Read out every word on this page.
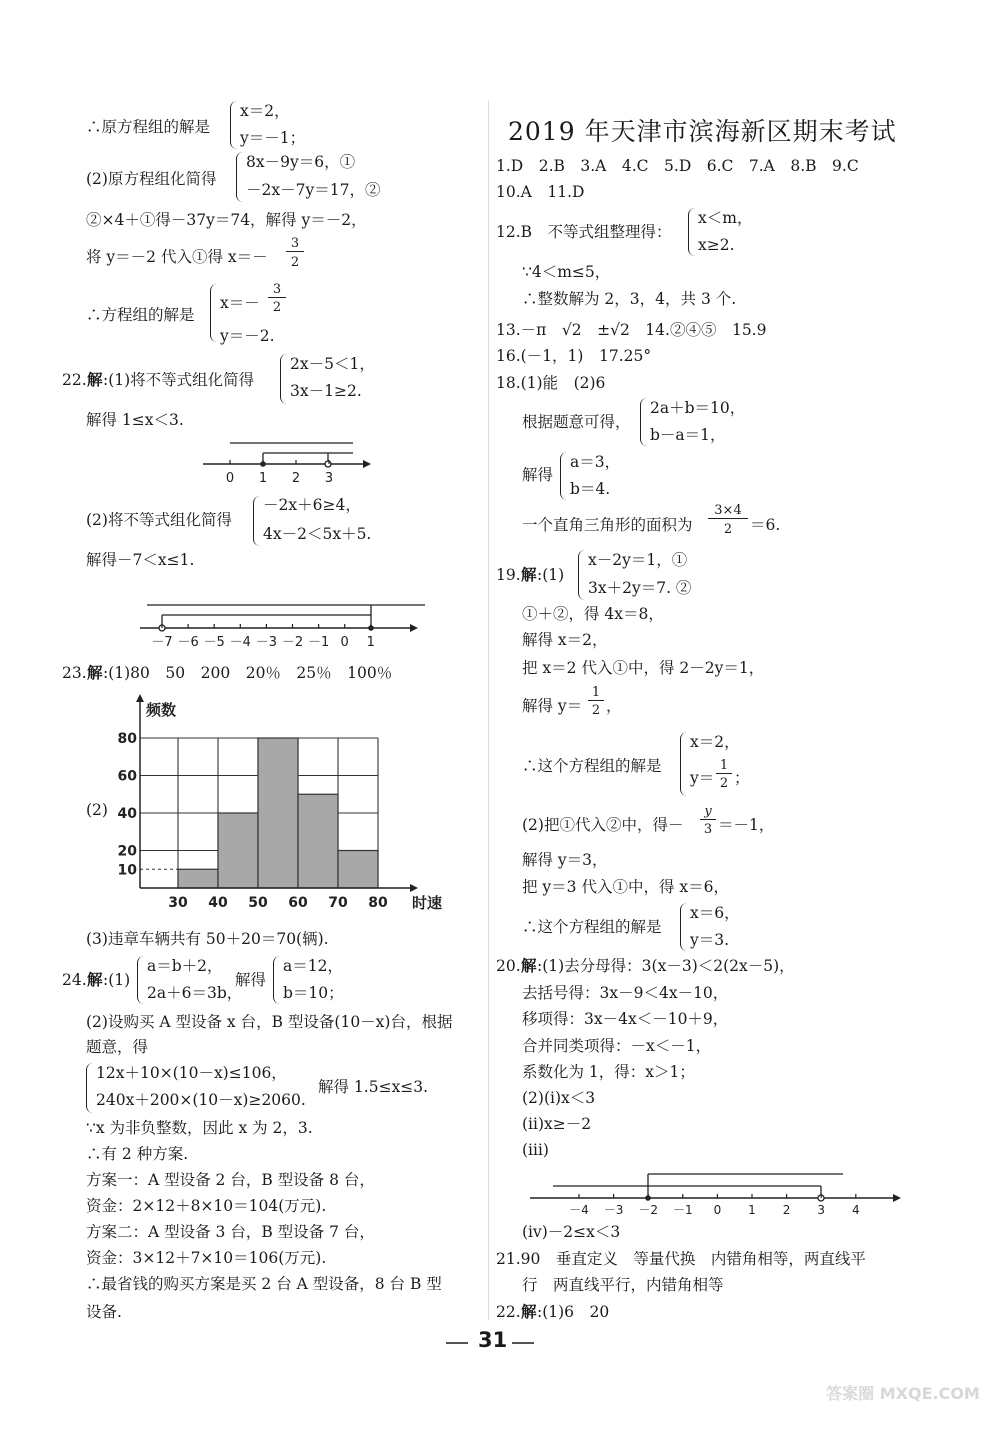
∴原方程组的解是
x＝2，
y＝－1；
(2)原方程组化简得
8x－9y＝6，①
－2x－7y＝17，②
②×4＋①得－37y＝74，解得 y＝－2，
将 y＝－2 代入①得 x＝－
3
2
∴方程组的解是
x＝－
3
2
y＝－2.
22. 解 :(1)将不等式组化简得
2x－5＜1，
3x－1≥2.
解得 1≤x＜3.
0 1 2 3
(2)将不等式组化简得
－2x＋6≥4，
4x－2＜5x＋5.
解得－7＜x≤1.
－7 －6 －5 －4 －3 －2 －1 0 1
23. 解 :(1)80　50　200　20％　25％　100％
(2)
10
20
40
60
80
30 40 50 60 70 80
频数
时速
(3)违章车辆共有 50＋20＝70(辆).
24. 解 :(1)
a＝b＋2，
2a＋6＝3b，
解得
a＝12，
b＝10；
(2)设购买 A 型设备 x 台，B 型设备(10－x)台，根据
题意，得
12x＋10×(10－x)≤106，
240x＋200×(10－x)≥2060.
解得 1.5≤x≤3.
∵x 为非负整数，因此 x 为 2，3.
∴有 2 种方案.
方案一：A 型设备 2 台，B 型设备 8 台，
资金：2×12＋8×10＝104(万元).
方案二：A 型设备 3 台，B 型设备 7 台，
资金：3×12＋7×10＝106(万元).
∴最省钱的购买方案是买 2 台 A 型设备，8 台 B 型
设备.
2019 年天津市滨海新区期末考试
1.D　2.B　3.A　4.C　5.D　6.C　7.A　8.B　9.C
10.A　11.D
12.B　不等式组整理得：
x＜m，
x≥2.
∵4＜m≤5，
∴整数解为 2，3，4，共 3 个.
13.－π　√2　±√2　14.②④⑤　15.9
16.(－1，1)　17.25°
18.(1)能　(2)6
根据题意可得，
2a＋b＝10，
b－a＝1，
解得
a＝3，
b＝4.
一个直角三角形的面积为
3×4
2	＝6.
19. 解 :(1)
x－2y＝1，①
3x＋2y＝7. ②
①＋②，得 4x＝8，
解得 x＝2，
把 x＝2 代入①中，得 2－2y＝1，
解得 y＝
1
2 ，
∴这个方程组的解是
x＝2，
y＝
1
2 ；
(2)把①代入②中，得－
y
3 ＝－1，
解得 y＝3，
把 y＝3 代入①中，得 x＝6，
∴这个方程组的解是
x＝6，
y＝3.
20. 解 :(1)去分母得：3(x－3)＜2(2x－5)，
去括号得：3x－9＜4x－10，
移项得：3x－4x＜－10＋9，
合并同类项得：－x＜－1，
系数化为 1，得：x＞1；
(2)(ⅰ)x＜3
(ⅱ)x≥－2
(ⅲ)
－4 －3 －2 －1 0 1 2 3 4
(ⅳ)－2≤x＜3
21.90　垂直定义　等量代换　内错角相等，两直线平
行　两直线平行，内错角相等
22. 解 :(1)6　20
31
答案圈 MXQE.COM
